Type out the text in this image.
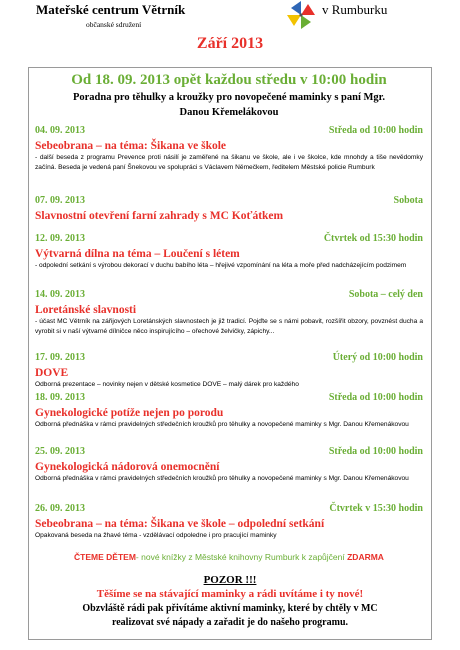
Mateřské centrum Větrník	v Rumburku
občanské sdružení
Září 2013
Od 18. 09. 2013 opět každou středu v 10:00 hodin
Poradna pro těhulky a kroužky pro novopečené maminky s paní Mgr.
Danou Křemelákovou
04. 09. 2013	Středa od 10:00 hodin
Sebeobrana – na téma: Šikana ve škole
- další beseda z programu Prevence proti násilí je zaměřené na šikanu ve škole, ale i ve školce, kde mnohdy a tiše nevědomky začíná. Beseda je vedená paní Šnekovou ve spolupráci s Václavem Němečkem, ředitelem Městské policie Rumburk
07. 09. 2013	Sobota
Slavnostní otevření farní zahrady s MC Koťátkem
12. 09. 2013	Čtvrtek od 15:30 hodin
Výtvarná dílna na téma – Loučení s létem
- odpolední setkání s výrobou dekorací v duchu babího léta – hřejivé vzpomínání na léta a moře před nadcházejícím podzimem
14. 09. 2013	Sobota – celý den
Loretánské slavnosti
- účast MC Větrník na zářijových Loretánských slavnostech je již tradicí. Pojďte se s námi pobavit, rozšířit obzory, povznést ducha a vyrobit si v naší výtvarné dílničce něco inspirujícího – ořechové želvičky, zápichy...
17. 09. 2013	Úterý od 10:00 hodin
DOVE
Odborná prezentace – novinky nejen v dětské kosmetice DOVE – malý dárek pro každého
18. 09. 2013	Středa od 10:00 hodin
Gynekologické potíže nejen po porodu
Odborná přednáška v rámci pravidelných středečních kroužků pro těhulky a novopečené maminky s Mgr. Danou Křemenákovou
25. 09. 2013	Středa od 10:00 hodin
Gynekologická nádorová onemocnění
Odborná přednáška v rámci pravidelných středečních kroužků pro těhulky a novopečené maminky s Mgr. Danou Křemenákovou
26. 09. 2013	Čtvrtek v 15:30 hodin
Sebeobrana – na téma: Šikana ve škole – odpolední setkání
Opakovaná beseda na žhavé téma - vzdělávací odpoledne i pro pracující maminky
ČTEME DĚTEM- nové knížky z Městské knihovny Rumburk k zapůjčení ZDARMA
POZOR !!!
Těšíme se na stávající maminky a rádi uvítáme i ty nové!
Obzvláště rádi pak přivítáme aktivní maminky, které by chtěly v MC
realizovat své nápady a zařadit je do našeho programu.
